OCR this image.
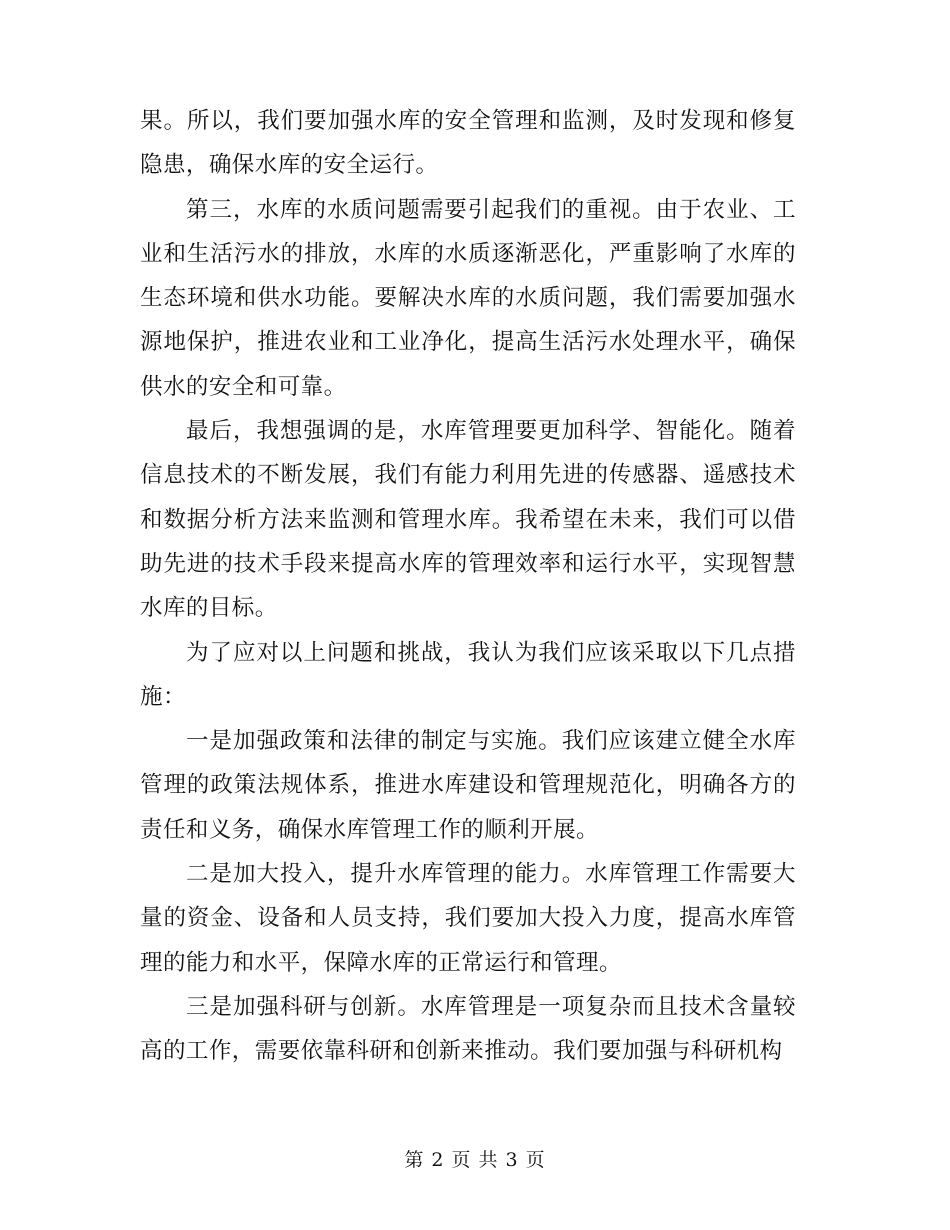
果。所以，我们要加强水库的安全管理和监测，及时发现和修复隐患，确保水库的安全运行。

第三，水库的水质问题需要引起我们的重视。由于农业、工业和生活污水的排放，水库的水质逐渐恶化，严重影响了水库的生态环境和供水功能。要解决水库的水质问题，我们需要加强水源地保护，推进农业和工业净化，提高生活污水处理水平，确保供水的安全和可靠。

最后，我想强调的是，水库管理要更加科学、智能化。随着信息技术的不断发展，我们有能力利用先进的传感器、遥感技术和数据分析方法来监测和管理水库。我希望在未来，我们可以借助先进的技术手段来提高水库的管理效率和运行水平，实现智慧水库的目标。

为了应对以上问题和挑战，我认为我们应该采取以下几点措施：

一是加强政策和法律的制定与实施。我们应该建立健全水库管理的政策法规体系，推进水库建设和管理规范化，明确各方的责任和义务，确保水库管理工作的顺利开展。

二是加大投入，提升水库管理的能力。水库管理工作需要大量的资金、设备和人员支持，我们要加大投入力度，提高水库管理的能力和水平，保障水库的正常运行和管理。

三是加强科研与创新。水库管理是一项复杂而且技术含量较高的工作，需要依靠科研和创新来推动。我们要加强与科研机构

第 2 页 共 3 页
